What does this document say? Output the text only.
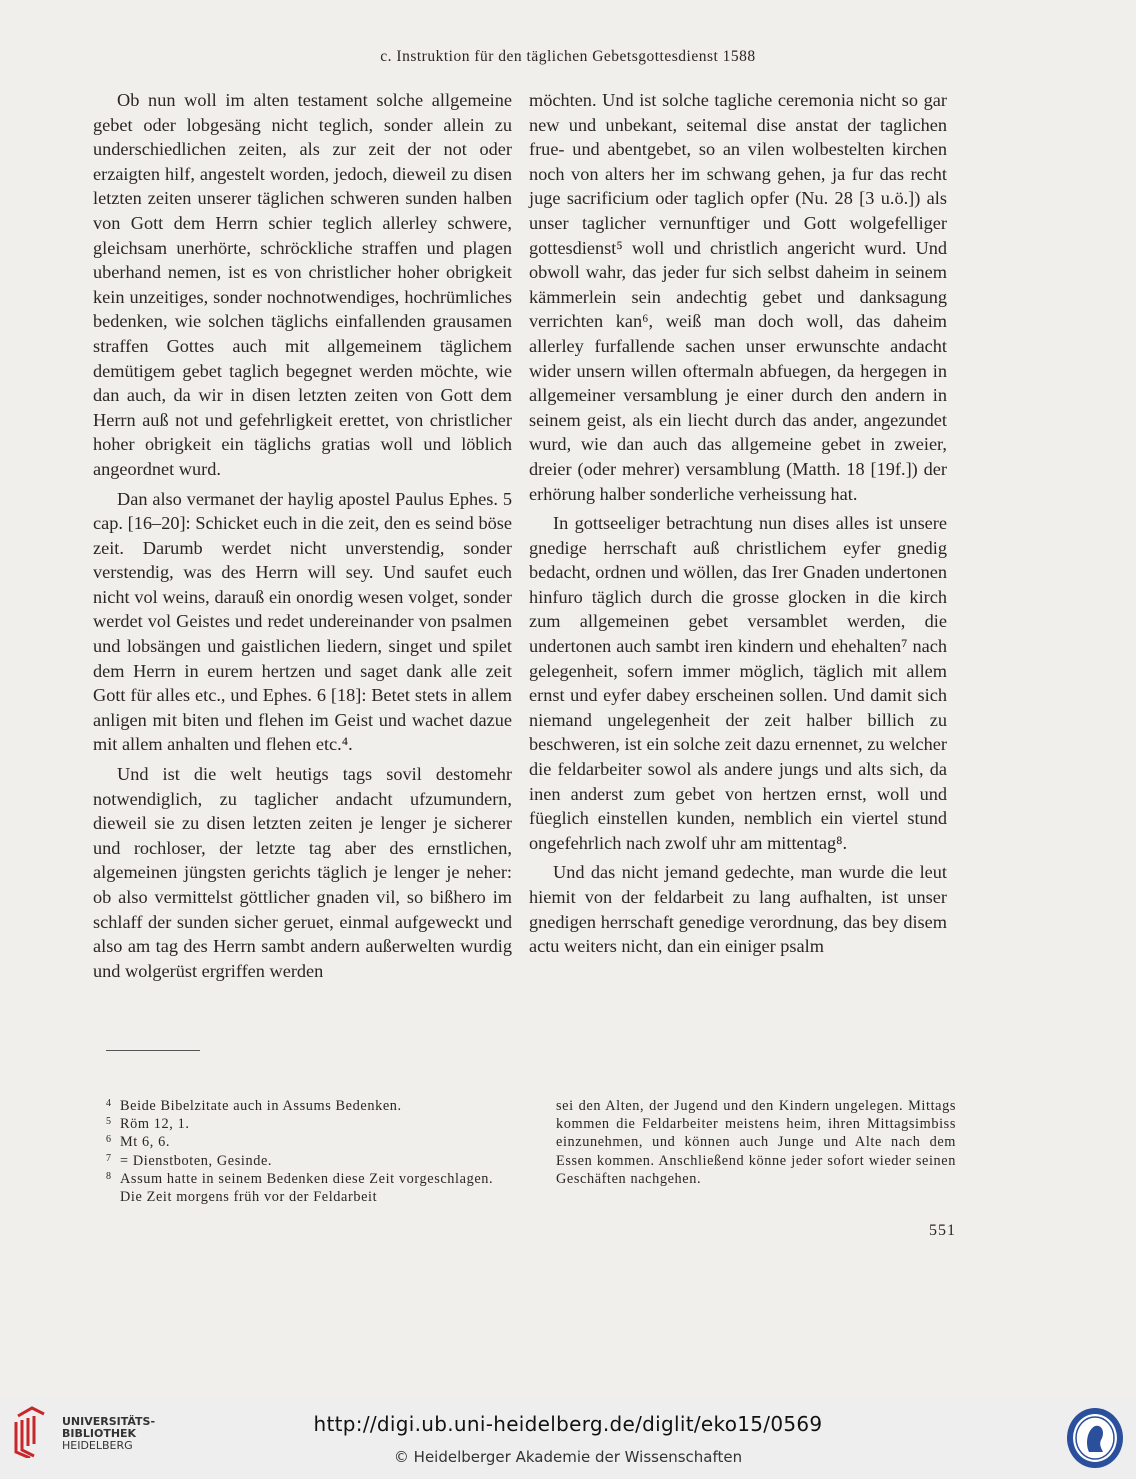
c. Instruktion für den täglichen Gebetsgottesdienst 1588

Ob nun woll im alten testament solche allgemeine gebet oder lobgesäng nicht teglich, sonder allein zu underschiedlichen zeiten, als zur zeit der not oder erzaigten hilf, angestelt worden, jedoch, dieweil zu disen letzten zeiten unserer täglichen schweren sunden halben von Gott dem Herrn schier teglich allerley schwere, gleichsam unerhörte, schröckliche straffen und plagen uberhand nemen, ist es von christlicher hoher obrigkeit kein unzeitiges, sonder nochnotwendiges, hochrümliches bedenken, wie solchen täglichs einfallenden grausamen straffen Gottes auch mit allgemeinem täglichem demütigem gebet taglich begegnet werden möchte, wie dan auch, da wir in disen letzten zeiten von Gott dem Herrn auß not und gefehrligkeit erettet, von christlicher hoher obrigkeit ein täglichs gratias woll und löblich angeordnet wurd.

Dan also vermanet der haylig apostel Paulus Ephes. 5 cap. [16–20]: Schicket euch in die zeit, den es seind böse zeit. Darumb werdet nicht unverstendig, sonder verstendig, was des Herrn will sey. Und saufet euch nicht vol weins, darauß ein onordig wesen volget, sonder werdet vol Geistes und redet undereinander von psalmen und lobsängen und gaistlichen liedern, singet und spilet dem Herrn in eurem hertzen und saget dank alle zeit Gott für alles etc., und Ephes. 6 [18]: Betet stets in allem anligen mit biten und flehen im Geist und wachet dazue mit allem anhalten und flehen etc.⁴.

Und ist die welt heutigs tags sovil destomehr notwendiglich, zu taglicher andacht ufzumundern, dieweil sie zu disen letzten zeiten je lenger je sicherer und rochloser, der letzte tag aber des ernstlichen, algemeinen jüngsten gerichts täglich je lenger je neher: ob also vermittelst göttlicher gnaden vil, so bißhero im schlaff der sunden sicher geruet, einmal aufgeweckt und also am tag des Herrn sambt andern außerwelten wurdig und wolgerüst ergriffen werden

möchten. Und ist solche tagliche ceremonia nicht so gar new und unbekant, seitemal dise anstat der taglichen frue- und abentgebet, so an vilen wolbestelten kirchen noch von alters her im schwang gehen, ja fur das recht juge sacrificium oder taglich opfer (Nu. 28 [3 u.ö.]) als unser taglicher vernunftiger und Gott wolgefelliger gottesdienst⁵ woll und christlich angericht wurd. Und obwoll wahr, das jeder fur sich selbst daheim in seinem kämmerlein sein andechtig gebet und danksagung verrichten kan⁶, weiß man doch woll, das daheim allerley furfallende sachen unser erwunschte andacht wider unsern willen oftermaln abfuegen, da hergegen in allgemeiner versamblung je einer durch den andern in seinem geist, als ein liecht durch das ander, angezundet wurd, wie dan auch das allgemeine gebet in zweier, dreier (oder mehrer) versamblung (Matth. 18 [19f.]) der erhörung halber sonderliche verheissung hat.

In gottseeliger betrachtung nun dises alles ist unsere gnedige herrschaft auß christlichem eyfer gnedig bedacht, ordnen und wöllen, das Irer Gnaden undertonen hinfuro täglich durch die grosse glocken in die kirch zum allgemeinen gebet versamblet werden, die undertonen auch sambt iren kindern und ehehalten⁷ nach gelegenheit, sofern immer möglich, täglich mit allem ernst und eyfer dabey erscheinen sollen. Und damit sich niemand ungelegenheit der zeit halber billich zu beschweren, ist ein solche zeit dazu ernennet, zu welcher die feldarbeiter sowol als andere jungs und alts sich, da inen anderst zum gebet von hertzen ernst, woll und füeglich einstellen kunden, nemblich ein viertel stund ongefehrlich nach zwolf uhr am mittentag⁸.

Und das nicht jemand gedechte, man wurde die leut hiemit von der feldarbeit zu lang aufhalten, ist unser gnedigen herrschaft genedige verordnung, das bey disem actu weiters nicht, dan ein einiger psalm

4 Beide Bibelzitate auch in Assums Bedenken.
5 Röm 12, 1.
6 Mt 6, 6.
7 = Dienstboten, Gesinde.
8 Assum hatte in seinem Bedenken diese Zeit vorgeschlagen. Die Zeit morgens früh vor der Feldarbeit
sei den Alten, der Jugend und den Kindern ungelegen. Mittags kommen die Feldarbeiter meistens heim, ihren Mittagsimbiss einzunehmen, und können auch Junge und Alte nach dem Essen kommen. Anschließend könne jeder sofort wieder seinen Geschäften nachgehen.
551
UNIVERSITÄTS-
BIBLIOTHEK
HEIDELBERG
http://digi.ub.uni-heidelberg.de/diglit/eko15/0569
© Heidelberger Akademie der Wissenschaften
